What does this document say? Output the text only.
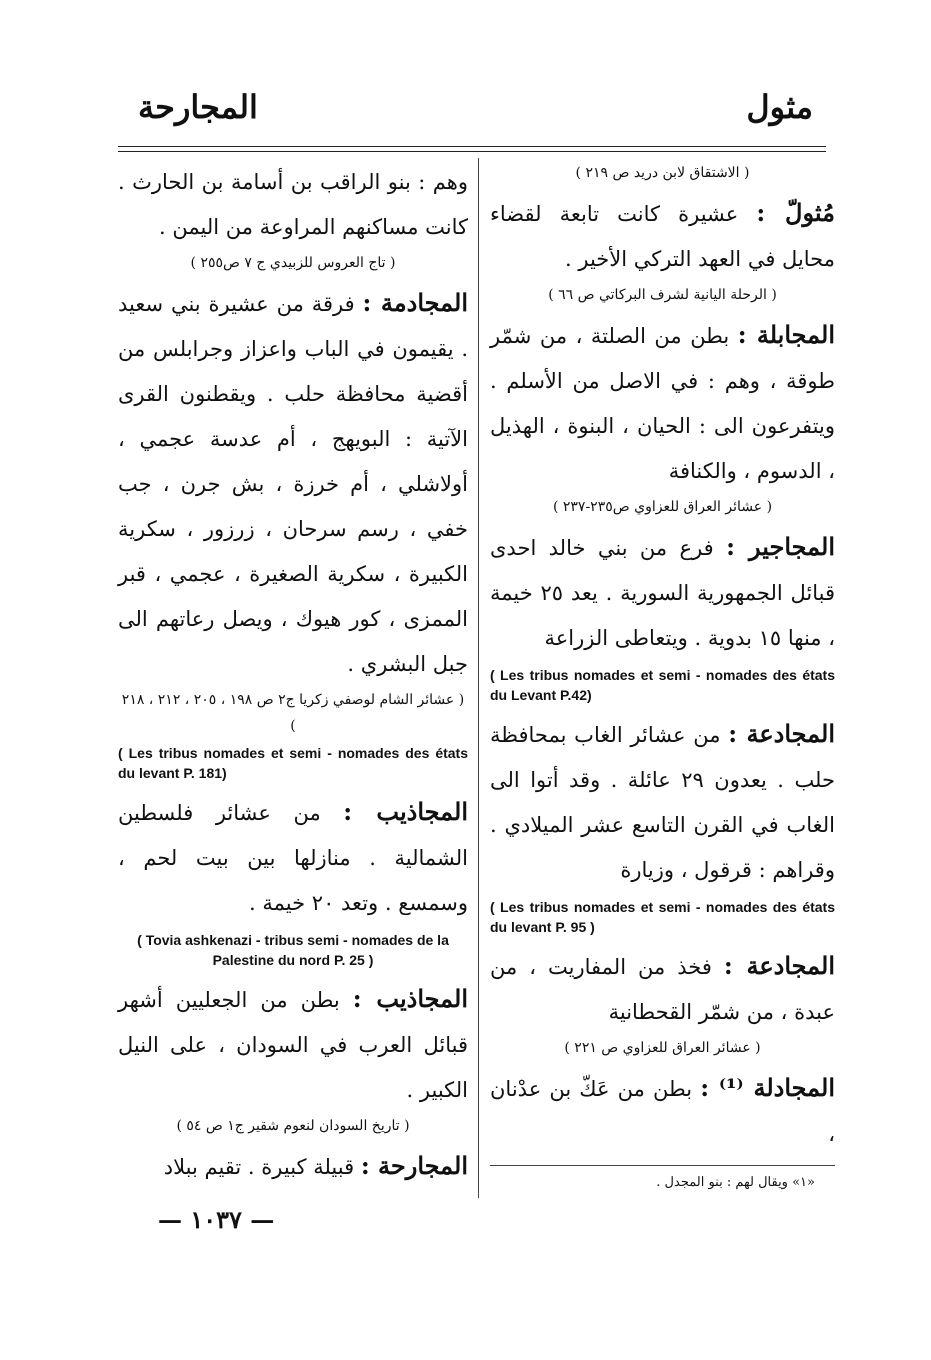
مثول
المجارحة

( الاشتقاق لابن دريد ص ٢١٩ )

مُثولّ : عشيرة كانت تابعة لقضاء محايل في العهد التركي الأخير .

( الرحلة اليانية لشرف البركاتي ص ٦٦ )

المجابلة : بطن من الصلتة ، من شمّر طوقة ، وهم : في الاصل من الأسلم . ويتفرعون الى : الحيان ، البنوة ، الهذيل ، الدسوم ، والكنافة

( عشائر العراق للعزاوي ص٢٣٥-٢٣٧ )

المجاجير : فرع من بني خالد احدى قبائل الجمهورية السورية . يعد ٢٥ خيمة ، منها ١٥ بدوية . ويتعاطى الزراعة

( Les tribus nomades et semi - nomades des états du Levant P.42)

المجادعة : من عشائر الغاب بمحافظة حلب . يعدون ٢٩ عائلة . وقد أتوا الى الغاب في القرن التاسع عشر الميلادي . وقراهم : قرقول ، وزيارة

( Les tribus nomades et semi - nomades des états du levant P. 95 )

المجادعة : فخذ من المفاريت ، من عبدة ، من شمّر القحطانية

( عشائر العراق للعزاوي ص ٢٢١ )

المجادلة ⁽¹⁾ : بطن من عَكّ بن عدْنان ،

«١» ويقال لهم : بنو المجدل .

وهم : بنو الراقب بن أسامة بن الحارث . كانت مساكنهم المراوعة من اليمن .

( تاج العروس للزبيدي ج ٧ ص٢٥٥ )

المجادمة : فرقة من عشيرة بني سعيد . يقيمون في الباب واعزاز وجرابلس من أقضية محافظة حلب . ويقطنون القرى الآتية : البويهج ، أم عدسة عجمي ، أولاشلي ، أم خرزة ، بش جرن ، جب خفي ، رسم سرحان ، زرزور ، سكرية الكبيرة ، سكرية الصغيرة ، عجمي ، قبر الممزى ، كور هيوك ، ويصل رعاتهم الى جبل البشري .

( عشائر الشام لوصفي زكريا ج٢ ص ١٩٨ ، ٢٠٥ ، ٢١٢ ، ٢١٨ )

( Les tribus nomades et semi - nomades des états du levant P. 181)

المجاذيب : من عشائر فلسطين الشمالية . منازلها بين بيت لحم ، وسمسع . وتعد ٢٠ خيمة .

( Tovia ashkenazi - tribus semi - nomades de la Palestine du nord P. 25 )

المجاذيب : بطن من الجعليين أشهر قبائل العرب في السودان ، على النيل الكبير .

( تاريخ السودان لنعوم شقير ج١ ص ٥٤ )

المجارحة : قبيلة كبيرة . تقيم ببلاد

— ١٠٣٧ —
